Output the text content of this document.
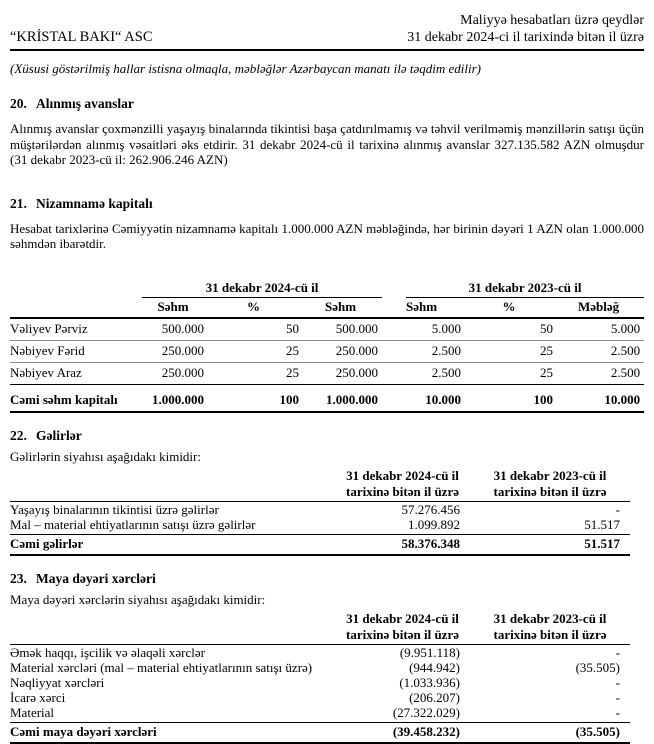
“KRİSTAL BAKI“ ASC
Maliyyə hesabatları üzrə qeydlər
31 dekabr 2024-ci il tarixində bitən il üzrə

(Xüsusi göstərilmiş hallar istisna olmaqla, məbləğlər Azərbaycan manatı ilə təqdim edilir)

20. Alınmış avanslar

Alınmış avanslar çoxmənzilli yaşayış binalarında tikintisi başa çatdırılmamış və təhvil verilməmiş mənzillərin satışı üçün müştərilərdən alınmış vəsaitləri əks etdirir. 31 dekabr 2024-cü il tarixinə alınmış avanslar 327.135.582 AZN olmuşdur (31 dekabr 2023-cü il: 262.906.246 AZN)

21. Nizamnamə kapitalı

Hesabat tarixlərinə Cəmiyyətin nizamnamə kapitalı 1.000.000 AZN məbləğində, hər birinin dəyəri 1 AZN olan 1.000.000 səhmdən ibarətdir.

	31 dekabr 2024-cü il			31 dekabr 2023-cü il		

	Səhm	%	Səhm	Səhm	%	Məbləğ
Vəliyev Pərviz	500.000	50	500.000	5.000	50	5.000
Nəbiyev Fərid	250.000	25	250.000	2.500	25	2.500
Nəbiyev Araz	250.000	25	250.000	2.500	25	2.500
Cəmi səhm kapitalı	1.000.000	100	1.000.000	10.000	100	10.000
22. Gəlirlər

Gəlirlərin siyahısı aşağıdakı kimidir:

31 dekabr 2024-cü il
tarixinə bitən il üzrə

31 dekabr 2023-cü il
tarixinə bitən il üzrə

Yaşayış binalarının tikintisi üzrə gəlirlər	57.276.456	-
Mal – material ehtiyatlarının satışı üzrə gəlirlər	1.099.892	51.517
Cəmi gəlirlər	58.376.348	51.517
23. Maya dəyəri xərcləri

Maya dəyəri xərclərin siyahısı aşağıdakı kimidir:

31 dekabr 2024-cü il
tarixinə bitən il üzrə

31 dekabr 2023-cü il
tarixinə bitən il üzrə

Əmək haqqı, işcilik və əlaqəli xərclər	(9.951.118)	-
Material xərcləri (mal – material ehtiyatlarının satışı üzrə)	(944.942)	(35.505)
Nəqliyyat xərcləri	(1.033.936)	-
İcarə xərci	(206.207)	-
Material	(27.322.029)	-
Cəmi maya dəyəri xərcləri	(39.458.232)	(35.505)
